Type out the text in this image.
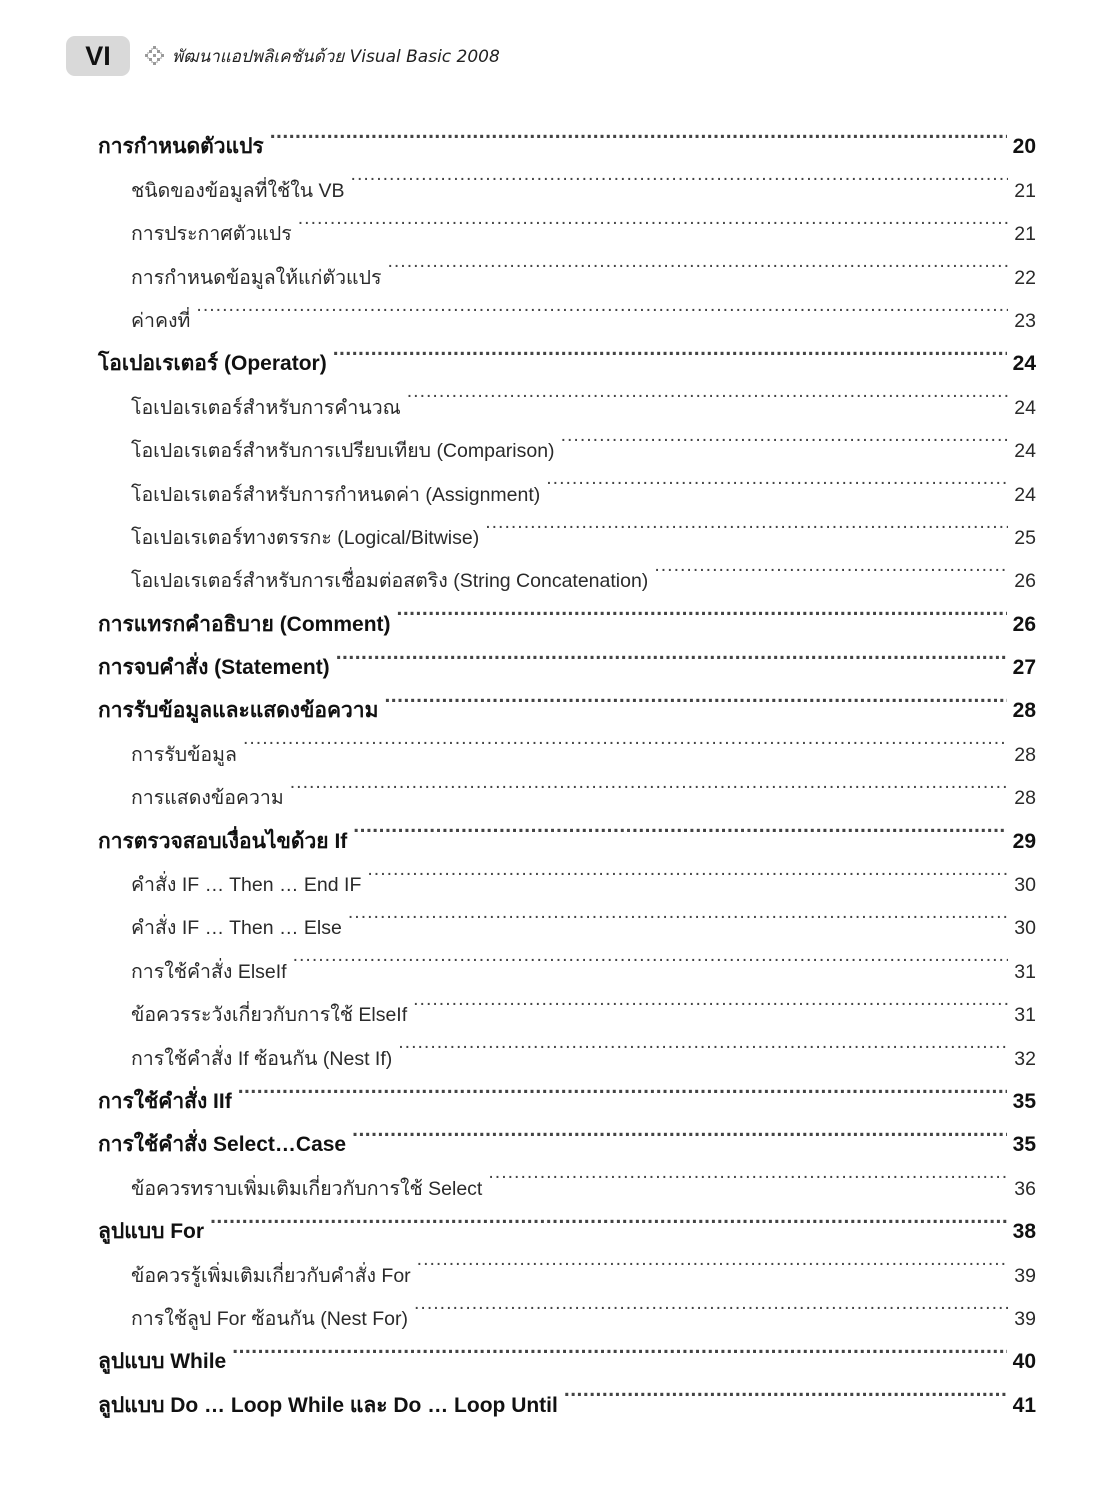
VI	พัฒนาแอปพลิเคชันด้วย Visual Basic 2008
การกำหนดตัวแปร .....	20
ชนิดของข้อมูลที่ใช้ใน VB .....	21
การประกาศตัวแปร .....	21
การกำหนดข้อมูลให้แก่ตัวแปร .....	22
ค่าคงที่ .....	23
โอเปอเรเตอร์ (Operator) .....	24
โอเปอเรเตอร์สำหรับการคำนวณ .....	24
โอเปอเรเตอร์สำหรับการเปรียบเทียบ (Comparison) .....	24
โอเปอเรเตอร์สำหรับการกำหนดค่า (Assignment) .....	24
โอเปอเรเตอร์ทางตรรกะ (Logical/Bitwise) .....	25
โอเปอเรเตอร์สำหรับการเชื่อมต่อสตริง (String Concatenation) .....	26
การแทรกคำอธิบาย (Comment) .....	26
การจบคำสั่ง (Statement) .....	27
การรับข้อมูลและแสดงข้อความ .....	28
การรับข้อมูล .....	28
การแสดงข้อความ .....	28
การตรวจสอบเงื่อนไขด้วย If .....	29
คำสั่ง IF … Then … End IF .....	30
คำสั่ง IF … Then … Else .....	30
การใช้คำสั่ง ElseIf .....	31
ข้อควรระวังเกี่ยวกับการใช้ ElseIf .....	31
การใช้คำสั่ง If ซ้อนกัน (Nest If) .....	32
การใช้คำสั่ง IIf .....	35
การใช้คำสั่ง Select…Case .....	35
ข้อควรทราบเพิ่มเติมเกี่ยวกับการใช้ Select .....	36
ลูปแบบ For .....	38
ข้อควรรู้เพิ่มเติมเกี่ยวกับคำสั่ง For .....	39
การใช้ลูป For ซ้อนกัน (Nest For) .....	39
ลูปแบบ While .....	40
ลูปแบบ Do … Loop While และ Do … Loop Until .....	41
